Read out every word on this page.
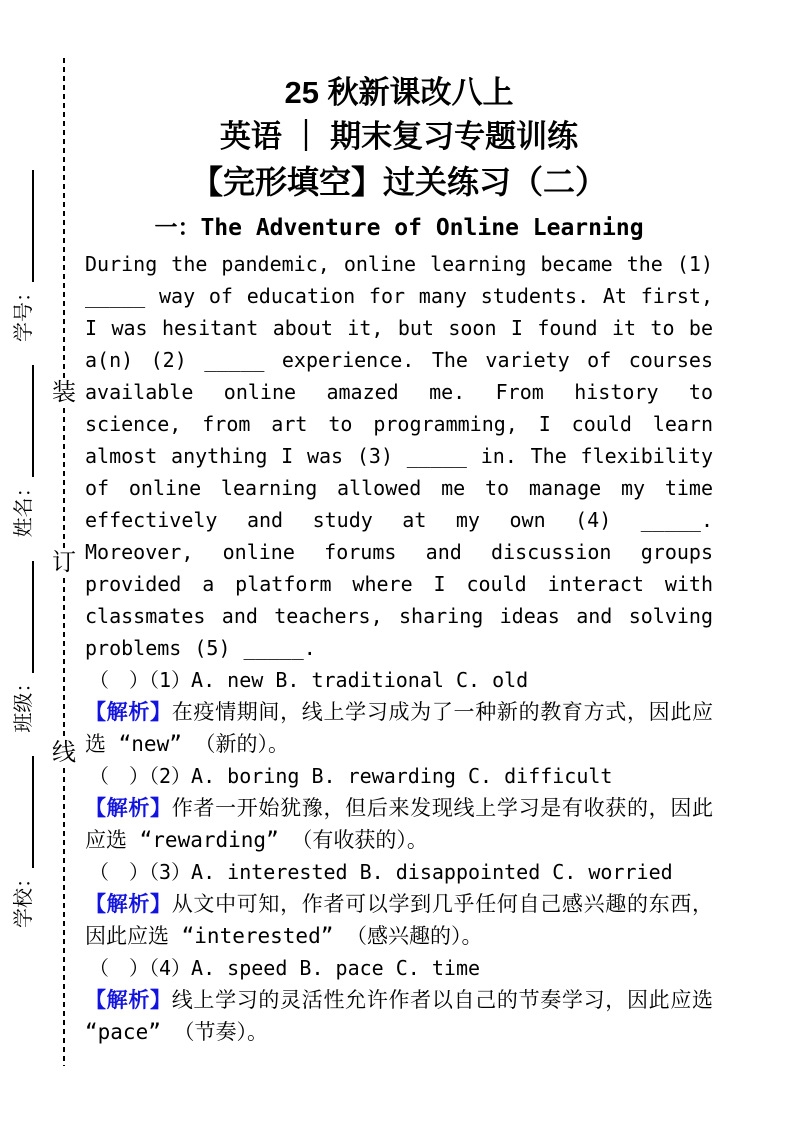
学校：
班级：
姓名：
学号：
装
订
线
25 秋新课改八上
英语 ｜ 期末复习专题训练
【完形填空】过关练习（二）
一：The Adventure of Online Learning

During the pandemic, online learning became the (1) _____ way of education for many students. At first, I was hesitant about it, but soon I found it to be a(n) (2) _____ experience. The variety of courses available online amazed me. From history to science, from art to programming, I could learn almost anything I was (3) _____ in. The flexibility of online learning allowed me to manage my time effectively and study at my own (4) _____. Moreover, online forums and discussion groups provided a platform where I could interact with classmates and teachers, sharing ideas and solving problems (5) _____.

（　）（1）A. new B. traditional C. old
【解析】在疫情期间，线上学习成为了一种新的教育方式，因此应选 “new” （新的）。
（　）（2）A. boring B. rewarding C. difficult
【解析】作者一开始犹豫，但后来发现线上学习是有收获的，因此应选 “rewarding” （有收获的）。
（　）（3）A. interested B. disappointed C. worried
【解析】从文中可知，作者可以学到几乎任何自己感兴趣的东西，因此应选 “interested” （感兴趣的）。
（　）（4）A. speed B. pace C. time
【解析】线上学习的灵活性允许作者以自己的节奏学习，因此应选 “pace” （节奏）。
